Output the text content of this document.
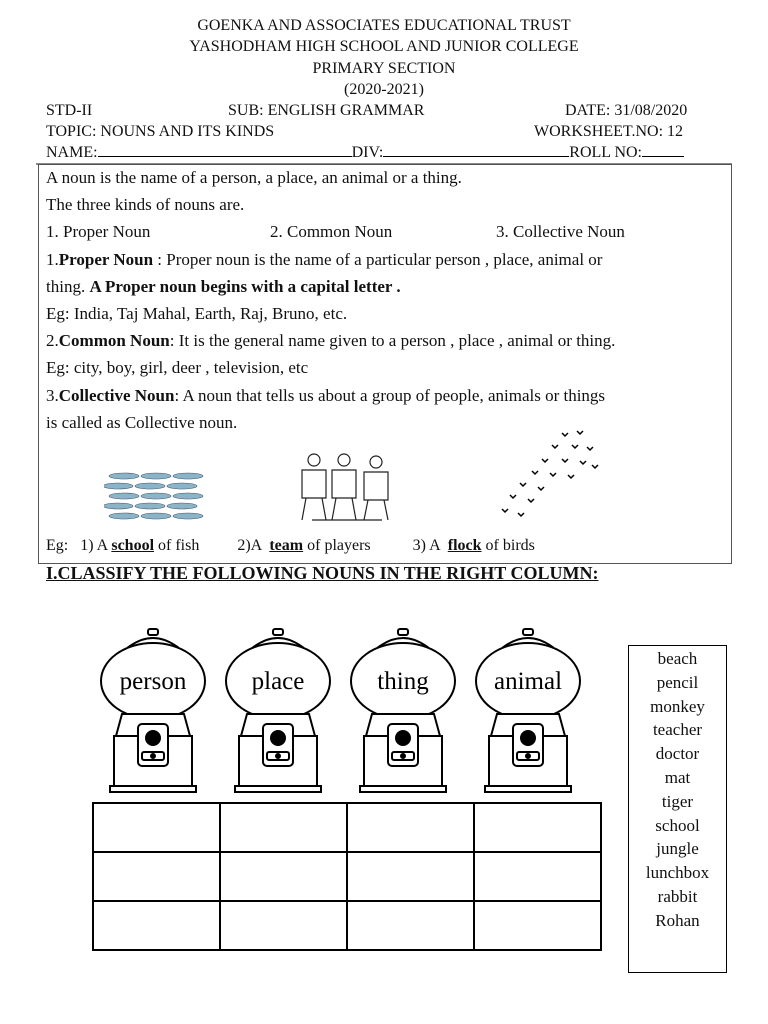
GOENKA AND ASSOCIATES EDUCATIONAL TRUST
YASHODHAM HIGH SCHOOL AND JUNIOR COLLEGE
PRIMARY SECTION
(2020-2021)
STD-II	SUB: ENGLISH GRAMMAR	DATE: 31/08/2020
TOPIC: NOUNS AND ITS KINDS	WORKSHEET.NO: 12
NAME:	DIV:	ROLL NO:
A noun is the name of a person, a place, an animal or a thing.
The three kinds of nouns are.
1. Proper Noun	2. Common Noun	3. Collective Noun
1.Proper Noun : Proper noun is the name of a particular person , place, animal or
thing. A Proper noun begins with a capital letter .
Eg: India, Taj Mahal, Earth, Raj, Bruno, etc.
2.Common Noun: It is the general name given to a person , place , animal or thing.
Eg: city, boy, girl, deer , television, etc
3.Collective Noun: A noun that tells us about a group of people, animals or things
is called as Collective noun.
Eg: 1) A school of fish 2)A  team of players	3) A  flock of birds
I.CLASSIFY THE FOLLOWING NOUNS IN THE RIGHT COLUMN:
person	place	thing	animal

beach
pencil
monkey
teacher
doctor
mat
tiger
school
jungle
lunchbox
rabbit
Rohan
